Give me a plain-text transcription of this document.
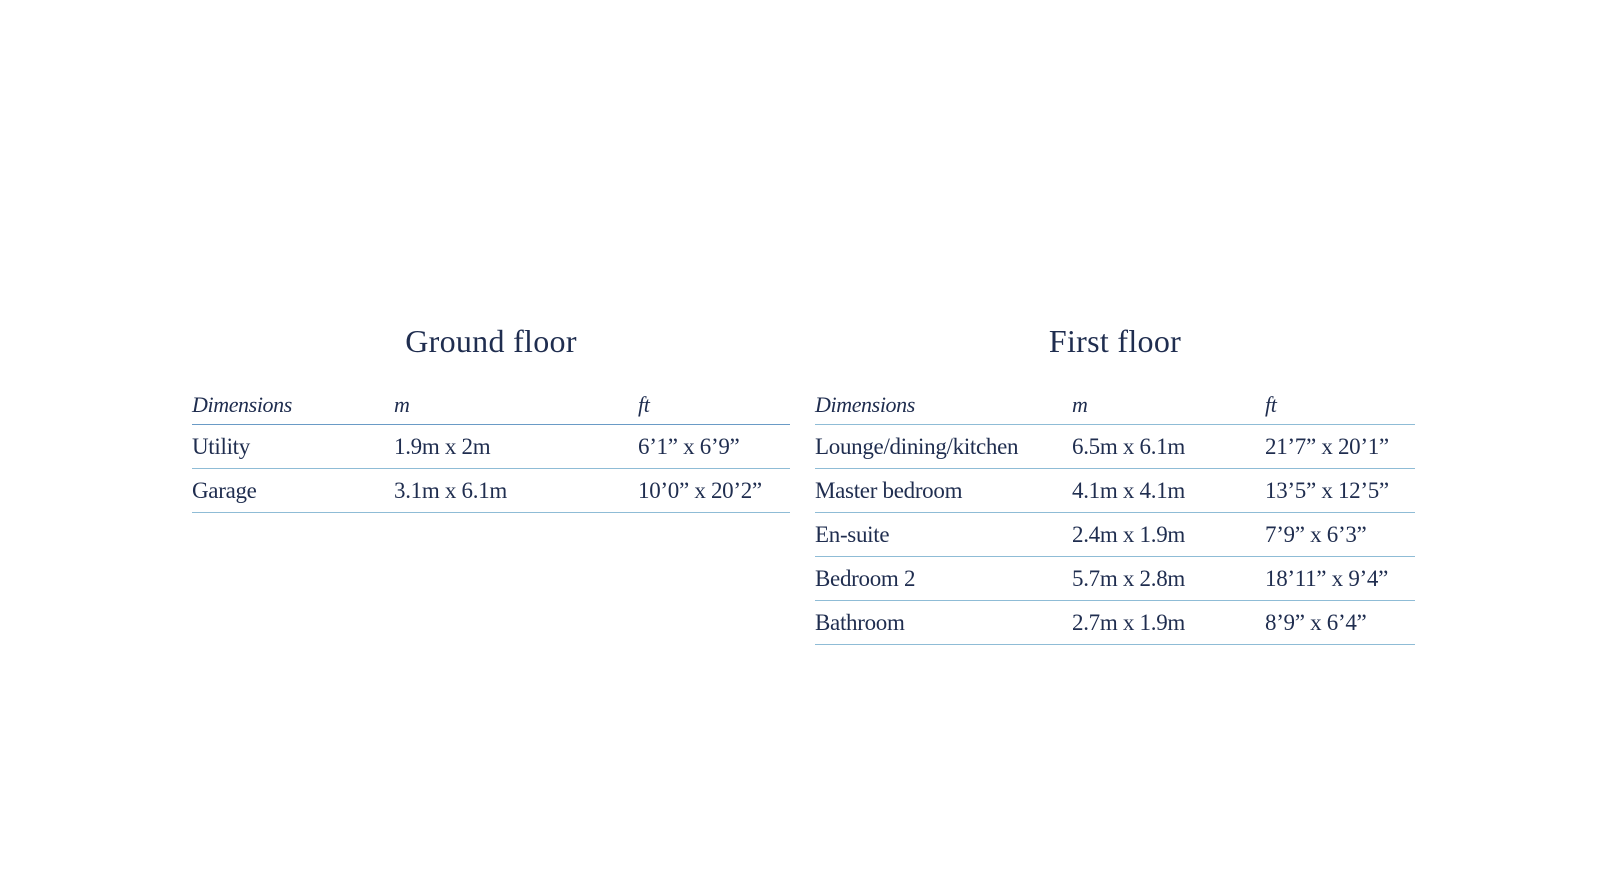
Ground floor
Dimensions	m	ft
Utility	1.9m x 2m	6’1” x 6’9”
Garage	3.1m x 6.1m	10’0” x 20’2”
First floor
Dimensions	m	ft
Lounge/dining/kitchen	6.5m x 6.1m	21’7” x 20’1”
Master bedroom	4.1m x 4.1m	13’5” x 12’5”
En-suite	2.4m x 1.9m	7’9” x 6’3”
Bedroom 2	5.7m x 2.8m	18’11” x 9’4”
Bathroom	2.7m x 1.9m	8’9” x 6’4”
